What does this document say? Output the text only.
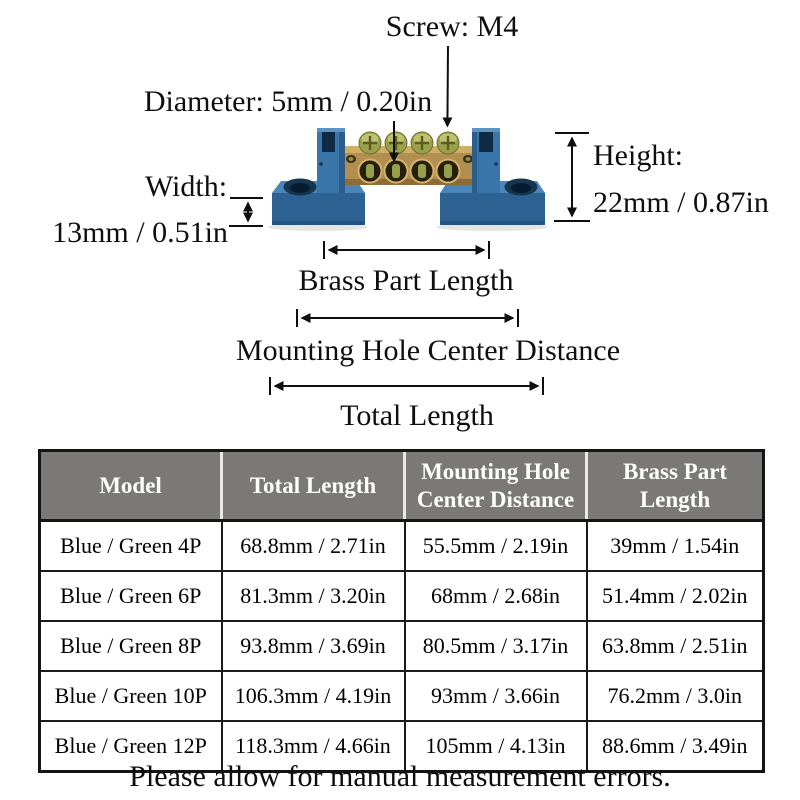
Screw: M4
Diameter: 5mm / 0.20in
Width:
13mm / 0.51in
Height:
22mm / 0.87in
Brass Part Length
Mounting Hole Center Distance
Total Length
Model	Total Length	Mounting Hole Center Distance	Brass Part Length
Blue / Green 4P	68.8mm / 2.71in	55.5mm / 2.19in	39mm / 1.54in
Blue / Green 6P	81.3mm / 3.20in	68mm / 2.68in	51.4mm / 2.02in
Blue / Green 8P	93.8mm / 3.69in	80.5mm / 3.17in	63.8mm / 2.51in
Blue / Green 10P	106.3mm / 4.19in	93mm / 3.66in	76.2mm / 3.0in
Blue / Green 12P	118.3mm / 4.66in	105mm / 4.13in	88.6mm / 3.49in
Please allow for manual measurement errors.
